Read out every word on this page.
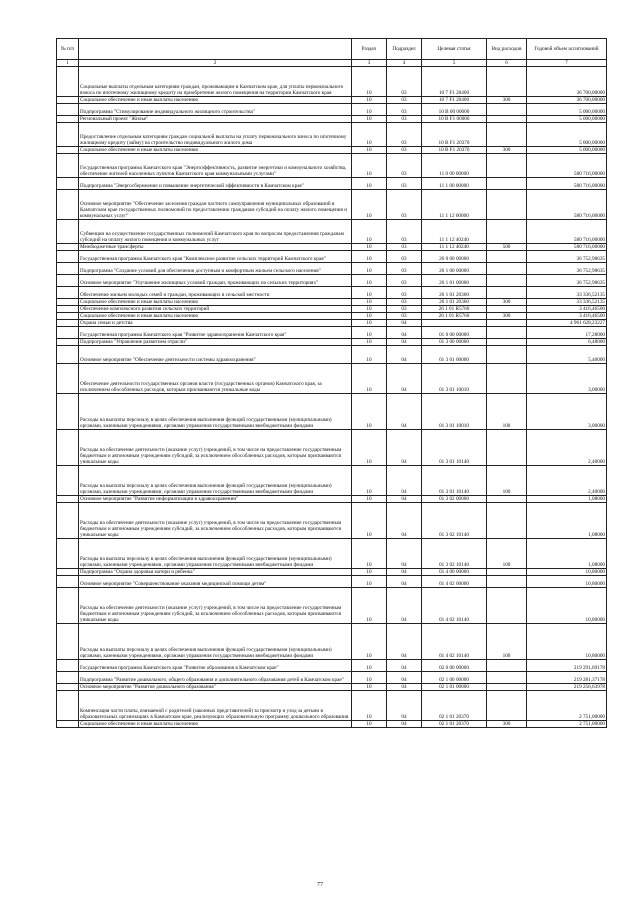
№ п/п		Раздел	Подраздел	Целевая статья	Вид расходов	Годовой объем ассигнований
1	2	3	4	5	6	7
	Социальные выплаты отдельным категориям граждан, проживающим в Камчатском крае, для уплаты первоначального взноса по ипотечному жилищному кредиту на приобретение жилого помещения на территории Камчатского края	10	03	10 7 F1 20400		36 700,00000
	Социальное обеспечение и иные выплаты населению	10	03	10 7 F1 20400	300	36 700,00000
	Подпрограмма "Стимулирование индивидуального жилищного строительства"	10	03	10 В 00 00000		5 000,00000
	Региональный проект "Жилье"	10	03	10 В F1 00000		5 000,00000
	Предоставление отдельным категориям граждан социальной выплаты на уплату первоначального взноса по ипотечному жилищному кредиту (займу) на строительство индивидуального жилого дома	10	03	10 В F1 20370		5 000,00000
	Социальное обеспечение и иные выплаты населению	10	03	10 В F1 20370	300	5 000,00000
	Государственная программа Камчатского края "Энергоэффективность, развитие энергетики и коммунального хозяйства, обеспечение жителей населенных пунктов Камчатского края коммунальными услугами"	10	03	11 0 00 00000		580 716,00000
	Подпрограмма "Энергосбережение и повышение энергетической эффективности в Камчатском крае"	10	03	11 1 00 00000		580 716,00000
	Основное мероприятие "Обеспечение заселения граждан частного самоуправления муниципальных образований в Камчатском крае государственных полномочий по предоставлению гражданам субсидий на оплату жилого помещения и коммунальных услуг"	10	03	11 1 12 00000		580 716,00000
	Субвенции на осуществление государственных полномочий Камчатского края по вопросам предоставления гражданам субсидий на оплату жилого помещения и коммунальных услуг	10	03	11 1 12 40240		580 716,00000
	Межбюджетные трансферты	10	03	11 1 12 40240	500	580 716,00000
	Государственная программа Камчатского края "Комплексное развитие сельских территорий Камчатского края"	10	03	26 0 00 00000		36 752,98635
	Подпрограмма "Создание условий для обеспечения доступным и комфортным жильем сельского населения"	10	03	26 1 00 00000		36 752,98635
	Основное мероприятие "Улучшение жилищных условий граждан, проживающих на сельских территориях"	10	03	26 1 01 00000		36 752,98635
	Обеспечение жильем молодых семей и граждан, проживающих в сельской местности	10	03	26 1 01 20360		33 336,52135
	Социальное обеспечение и иные выплаты населению	10	03	26 1 01 20360	300	33 336,52135
	Обеспечение комплексного развития сельских территорий	10	03	26 1 01 R5760		3 416,46500
	Социальное обеспечение и иные выплаты населению	10	03	26 1 01 R5760	300	3 416,46500
	Охрана семьи и детства	10	04			4 961 628,23227
	Государственная программа Камчатского края "Развитие здравоохранения Камчатского края"	10	04	01 0 00 00000		17,28000
	Подпрограмма "Управление развитием отрасли"	10	04	01 3 00 00000		6,48000
	Основное мероприятие "Обеспечение деятельности системы здравоохранения"	10	04	01 3 01 00000		5,40000
	Обеспечение деятельности государственных органов власти (государственных органов) Камчатского края, за исключением обособленных расходов, которым присваиваются уникальные коды	10	04	01 3 01 10010		3,00000
	Расходы на выплаты персоналу в целях обеспечения выполнения функций государственными (муниципальными) органами, казенными учреждениями, органами управления государственными внебюджетными фондами	10	04	01 3 01 10010	100	3,00000
	Расходы на обеспечение деятельности (оказание услуг) учреждений, в том числе на предоставление государственным бюджетным и автономным учреждениям субсидий, за исключением обособленных расходов, которым присваиваются уникальные коды	10	04	01 3 01 10140		2,40000
	Расходы на выплаты персоналу в целях обеспечения выполнения функций государственными (муниципальными) органами, казенными учреждениями, органами управления государственными внебюджетными фондами	10	04	01 3 01 10140	100	2,40000
	Основное мероприятие "Развитие информатизации в здравоохранении"	10	04	01 3 02 00000		1,08000
	Расходы на обеспечение деятельности (оказание услуг) учреждений, в том числе на предоставление государственным бюджетным и автономным учреждениям субсидий, за исключением обособленных расходов, которым присваиваются уникальные коды	10	04	01 3 02 10140		1,08000
	Расходы на выплаты персоналу в целях обеспечения выполнения функций государственными (муниципальными) органами, казенными учреждениями, органами управления государственными внебюджетными фондами	10	04	01 3 02 10140	100	1,08000
	Подпрограмма "Охрана здоровья матери и ребенка"	10	04	01 4 00 00000		10,80000
	Основное мероприятие "Совершенствование оказания медицинской помощи детям"	10	04	01 4 02 00000		10,80000
	Расходы на обеспечение деятельности (оказание услуг) учреждений, в том числе на предоставление государственным бюджетным и автономным учреждениям субсидий, за исключением обособленных расходов, которым присваиваются уникальные коды	10	04	01 4 02 10140		10,80000
	Расходы на выплаты персоналу в целях обеспечения выполнения функций государственными (муниципальными) органами, казенными учреждениями, органами управления государственными внебюджетными фондами	10	04	01 4 02 10140	100	10,80000
	Государственная программа Камчатского края "Развитие образования в Камчатском крае"	10	04	02 0 00 00000		219 291,69178
	Подпрограмма "Развитие дошкольного, общего образования и дополнительного образования детей в Камчатском крае"	10	04	02 1 00 00000		219 281,37178
	Основное мероприятие "Развитие дошкольного образования"	10	04	02 1 01 00000		219 256,63978
	Компенсация части платы, взимаемой с родителей (законных представителей) за присмотр и уход за детьми в образовательных организациях в Камчатском крае, реализующих образовательную программу дошкольного образования	10	04	02 1 01 20370		2 751,00000
	Социальное обеспечение и иные выплаты населению	10	04	02 1 01 20370	300	2 751,00000
77
